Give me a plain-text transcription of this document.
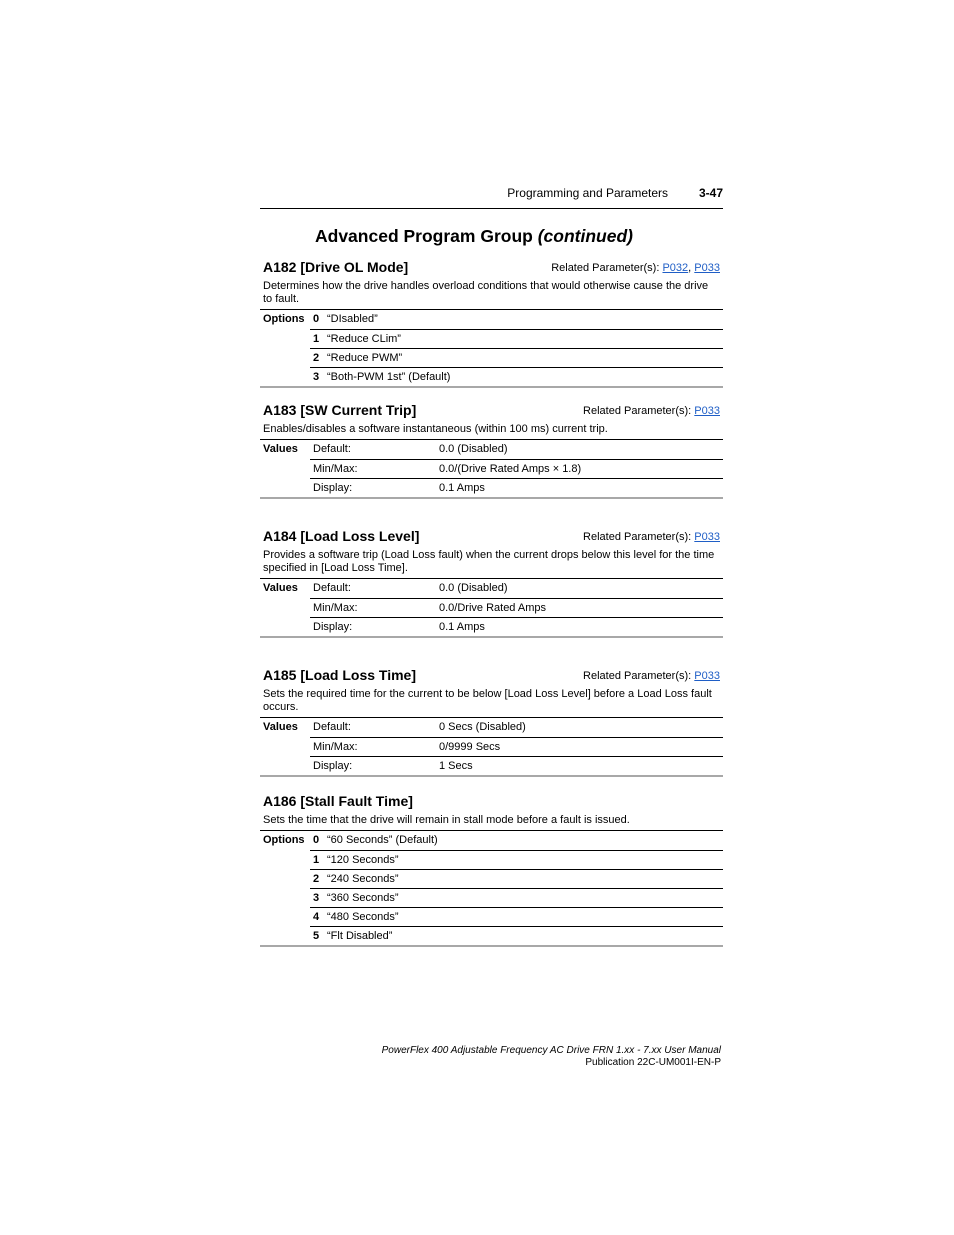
Programming and Parameters	3-47
Advanced Program Group (continued)
A182 [Drive OL Mode]	Related Parameter(s): P032, P033
Determines how the drive handles overload conditions that would otherwise cause the drive to fault.
Options	0	“DIsabled”
	1	“Reduce CLim”
	2	“Reduce PWM”
	3	“Both-PWM 1st” (Default)
A183 [SW Current Trip]	Related Parameter(s): P033
Enables/disables a software instantaneous (within 100 ms) current trip.
Values	Default:	0.0 (Disabled)
	Min/Max:	0.0/(Drive Rated Amps × 1.8)
	Display:	0.1 Amps
A184 [Load Loss Level]	Related Parameter(s): P033
Provides a software trip (Load Loss fault) when the current drops below this level for the time specified in [Load Loss Time].
Values	Default:	0.0 (Disabled)
	Min/Max:	0.0/Drive Rated Amps
	Display:	0.1 Amps
A185 [Load Loss Time]	Related Parameter(s): P033
Sets the required time for the current to be below [Load Loss Level] before a Load Loss fault occurs.
Values	Default:	0 Secs (Disabled)
	Min/Max:	0/9999 Secs
	Display:	1 Secs
A186 [Stall Fault Time]
Sets the time that the drive will remain in stall mode before a fault is issued.
Options	0	“60 Seconds” (Default)
	1	“120 Seconds”
	2	“240 Seconds”
	3	“360 Seconds”
	4	“480 Seconds”
	5	“Flt Disabled”
PowerFlex 400 Adjustable Frequency AC Drive FRN 1.xx - 7.xx User Manual
Publication 22C-UM001I-EN-P
